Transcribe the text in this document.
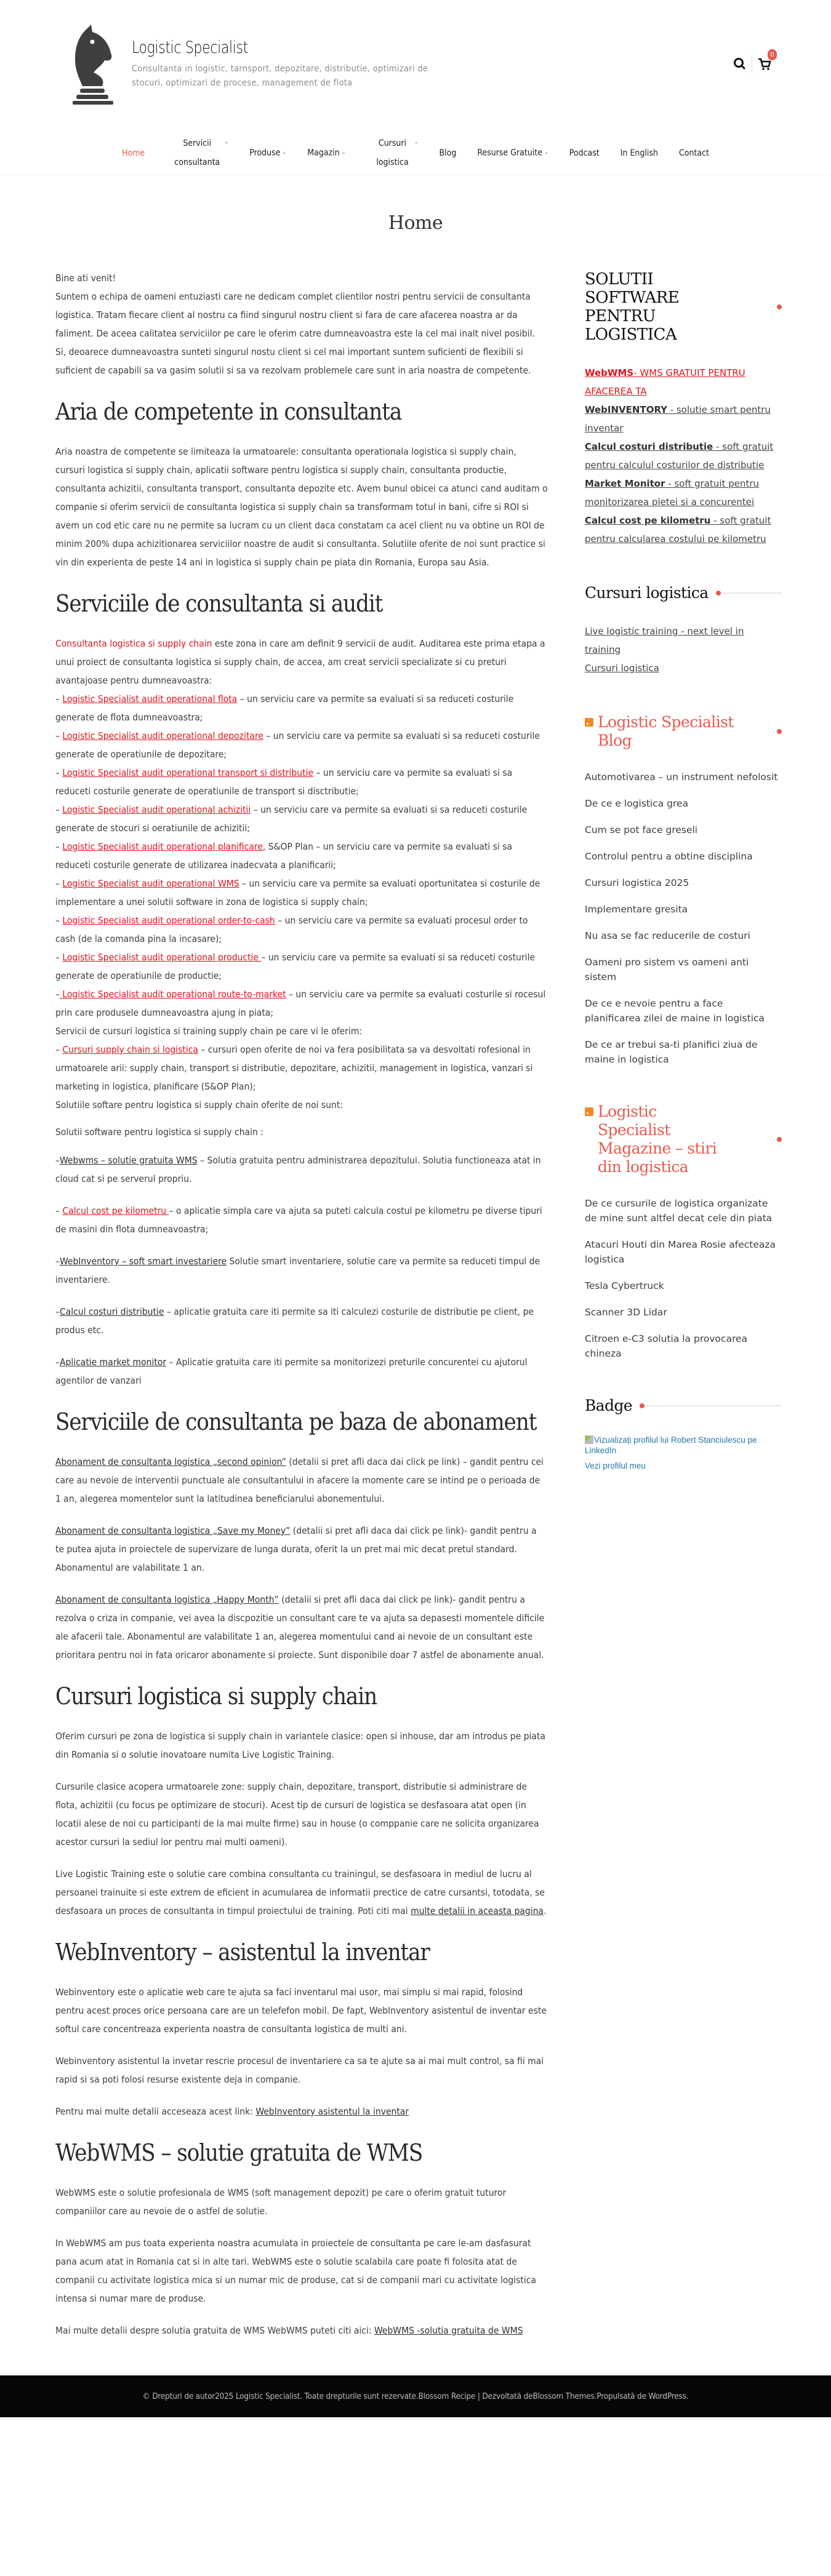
Logistic Specialist
Consultanta in logistic, tarnsport, depozitare, distributie, optimizari de stocuri, optimizari de procese, management de flota
0
Home
Servicii
consultanta
⌄
Produse ⌄ Magazin ⌄
Cursuri
logistica
⌄
Blog Resurse Gratuite ⌄ Podcast In English Contact
Home

Bine ati venit!
Suntem o echipa de oameni entuziasti care ne dedicam complet clientilor nostri pentru servicii de consultanta logistica. Tratam fiecare client al nostru ca fiind singurul nostru client si fara de care afacerea noastra ar da faliment. De aceea calitatea serviciilor pe care le oferim catre dumneavoastra este la cel mai inalt nivel posibil. Si, deoarece dumneavoastra sunteti singurul nostu client si cel mai important suntem suficienti de flexibili si suficient de capabili sa va gasim solutii si sa va rezolvam problemele care sunt in aria noastra de competente.

Aria de competente in consultanta

Aria noastra de competente se limiteaza la urmatoarele: consultanta operationala logistica si supply chain, cursuri logistica si supply chain, aplicatii software pentru logistica si supply chain, consultanta productie, consultanta achizitii, consultanta transport, consultanta depozite etc. Avem bunul obicei ca atunci cand auditam o companie si oferim servicii de consultanta logistica si supply chain sa transformam totul in bani, cifre si ROI si avem un cod etic care nu ne permite sa lucram cu un client daca constatam ca acel client nu va obtine un ROI de minim 200% dupa achizitionarea serviciilor noastre de audit si consultanta. Solutiile oferite de noi sunt practice si vin din experienta de peste 14 ani in logistica si supply chain pe piata din Romania, Europa sau Asia.

Serviciile de consultanta si audit
Consultanta logistica si supply chain este zona in care am definit 9 servicii de audit. Auditarea este prima etapa a unui proiect de consultanta logistica si supply chain, de accea, am creat servicii specializate si cu preturi avantajoase pentru dumneavoastra:
– Logistic Specialist audit operational flota – un serviciu care va permite sa evaluati si sa reduceti costurile generate de flota dumneavoastra;
– Logistic Specialist audit operational depozitare – un serviciu care va permite sa evaluati si sa reduceti costurile generate de operatiunile de depozitare;
– Logistic Specialist audit operational transport si distributie – un serviciu care va permite sa evaluati si sa reduceti costurile generate de operatiunile de transport si disctributie;
– Logistic Specialist audit operational achizitii – un serviciu care va permite sa evaluati si sa reduceti costurile generate de stocuri si oeratiunile de achizitii;
– Logistic Specialist audit operational planificare, S&OP Plan – un serviciu care va permite sa evaluati si sa reduceti costurile generate de utilizarea inadecvata a planificarii;
– Logistic Specialist audit operational WMS – un serviciu care va permite sa evaluati oportunitatea si costurile de implementare a unei solutii software in zona de logistica si supply chain;
– Logistic Specialist audit operational order-to-cash – un serviciu care va permite sa evaluati procesul order to cash (de la comanda pina la incasare);
– Logistic Specialist audit operational productie – un serviciu care va permite sa evaluati si sa reduceti costurile generate de operatiunile de productie;
– Logistic Specialist audit operational route-to-market – un serviciu care va permite sa evaluati costurile si rocesul prin care produsele dumneavoastra ajung in piata;
Servicii de cursuri logistica si training supply chain pe care vi le oferim:
– Cursuri supply chain si logistica – cursuri open oferite de noi va fera posibilitata sa va desvoltati rofesional in urmatoarele arii: supply chain, transport si distributie, depozitare, achizitii, management in logistica, vanzari si marketing in logistica, planificare (S&OP Plan);
Solutiile softare pentru logistica si supply chain oferite de noi sunt:

Solutii software pentru logistica si supply chain :

–Webwms – solutie gratuita WMS – Solutia gratuita pentru administrarea depozitului. Solutia functioneaza atat in cloud cat si pe serverul propriu.

– Calcul cost pe kilometru – o aplicatie simpla care va ajuta sa puteti calcula costul pe kilometru pe diverse tipuri de masini din flota dumneavoastra;

–WebInventory – soft smart investariere Solutie smart inventariere, solutie care va permite sa reduceti timpul de inventariere.

–Calcul costuri distributie – aplicatie gratuita care iti permite sa iti calculezi costurile de distributie pe client, pe produs etc.

–Aplicatie market monitor – Aplicatie gratuita care iti permite sa monitorizezi preturile concurentei cu ajutorul agentilor de vanzari

Serviciile de consultanta pe baza de abonament

Abonament de consultanta logistica „second opinion” (detalii si pret afli daca dai click pe link) – gandit pentru cei care au nevoie de interventii punctuale ale consultantului in afacere la momente care se intind pe o perioada de 1 an, alegerea momentelor sunt la latitudinea beneficiarului abonementului.

Abonament de consultanta logistica „Save my Money” (detalii si pret afli daca dai click pe link)- gandit pentru a te putea ajuta in proiectele de supervizare de lunga durata, oferit la un pret mai mic decat pretul standard. Abonamentul are valabilitate 1 an.

Abonament de consultanta logistica „Happy Month” (detalii si pret afli daca dai click pe link)- gandit pentru a rezolva o criza in companie, vei avea la discpozitie un consultant care te va ajuta sa depasesti momentele dificile ale afacerii tale. Abonamentul are valabilitate 1 an, alegerea momentului cand ai nevoie de un consultant este prioritara pentru noi in fata oricaror abonamente si proiecte. Sunt disponibile doar 7 astfel de abonamente anual.

Cursuri logistica si supply chain

Oferim cursuri pe zona de logistica si supply chain in variantele clasice: open si inhouse, dar am introdus pe piata din Romania si o solutie inovatoare numita Live Logistic Training.

Cursurile clasice acopera urmatoarele zone: supply chain, depozitare, transport, distributie si administrare de flota, achizitii (cu focus pe optimizare de stocuri). Acest tip de cursuri de logistica se desfasoara atat open (in locatii alese de noi cu participanti de la mai multe firme) sau in house (o comppanie care ne solicita organizarea acestor cursuri la sediul lor pentru mai multi oameni).

Live Logistic Training este o solutie care combina consultanta cu trainingul, se desfasoara in mediul de lucru al persoanei trainuite si este extrem de eficient in acumularea de informatii prectice de catre cursantsi, totodata, se desfasoara un proces de consultanta in timpul proiectului de training. Poti citi mai multe detalii in aceasta pagina.

WebInventory – asistentul la inventar

Webinventory este o aplicatie web care te ajuta sa faci inventarul mai usor, mai simplu si mai rapid, folosind pentru acest proces orice persoana care are un telefefon mobil. De fapt, WebInventory asistentul de inventar este softul care concentreaza experienta noastra de consultanta logistica de multi ani.

Webinventory asistentul la invetar rescrie procesul de inventariere ca sa te ajute sa ai mai mult control, sa fii mai rapid si sa poti folosi resurse existente deja in companie.

Pentru mai multe detalii acceseaza acest link: WebInventory asistentul la inventar

WebWMS – solutie gratuita de WMS

WebWMS este o solutie profesionala de WMS (soft management depozit) pe care o oferim gratuit tuturor companiilor care au nevoie de o astfel de solutie.

In WebWMS am pus toata experienta noastra acumulata in proiectele de consultanta pe care le-am dasfasurat pana acum atat in Romania cat si in alte tari. WebWMS este o solutie scalabila care poate fi folosita atat de companii cu activitate logistica mica si un numar mic de produse, cat si de companii mari cu activitate logistica intensa si numar mare de produse.

Mai multe detalii despre solutia gratuita de WMS WebWMS puteti citi aici: WebWMS -solutia gratuita de WMS

SOLUTII SOFTWARE PENTRU LOGISTICA
WebWMS- WMS GRATUIT PENTRU AFACEREA TA
WebINVENTORY - solutie smart pentru inventar
Calcul costuri distributie - soft gratuit pentru calculul costurilor de distributie
Market Monitor - soft gratuit pentru monitorizarea pietei si a concurentei
Calcul cost pe kilometru - soft gratuit pentru calcularea costului pe kilometru
Cursuri logistica
Live logistic training - next level in training
Cursuri logistica
Logistic Specialist Blog
Automotivarea – un instrument nefolosit
De ce e logistica grea
Cum se pot face greseli
Controlul pentru a obtine disciplina
Cursuri logistica 2025
Implementare gresita
Nu asa se fac reducerile de costuri
Oameni pro sistem vs oameni anti sistem
De ce e nevoie pentru a face planificarea zilei de maine in logistica
De ce ar trebui sa-ti planifici ziua de maine in logistica
Logistic Specialist Magazine – stiri din logistica
De ce cursurile de logistica organizate de mine sunt altfel decat cele din piata
Atacuri Houti din Marea Rosie afecteaza logistica
Tesla Cybertruck
Scanner 3D Lidar
Citroen e-C3 solutia la provocarea chineza
Badge
Vizualizați profilul lui Robert Stanciulescu pe LinkedIn
Vezi profilul meu
© Drepturi de autor2025 Logistic Specialist. Toate drepturile sunt rezervate.Blossom Recipe | Dezvoltată deBlossom Themes.Propulsată de WordPress.
